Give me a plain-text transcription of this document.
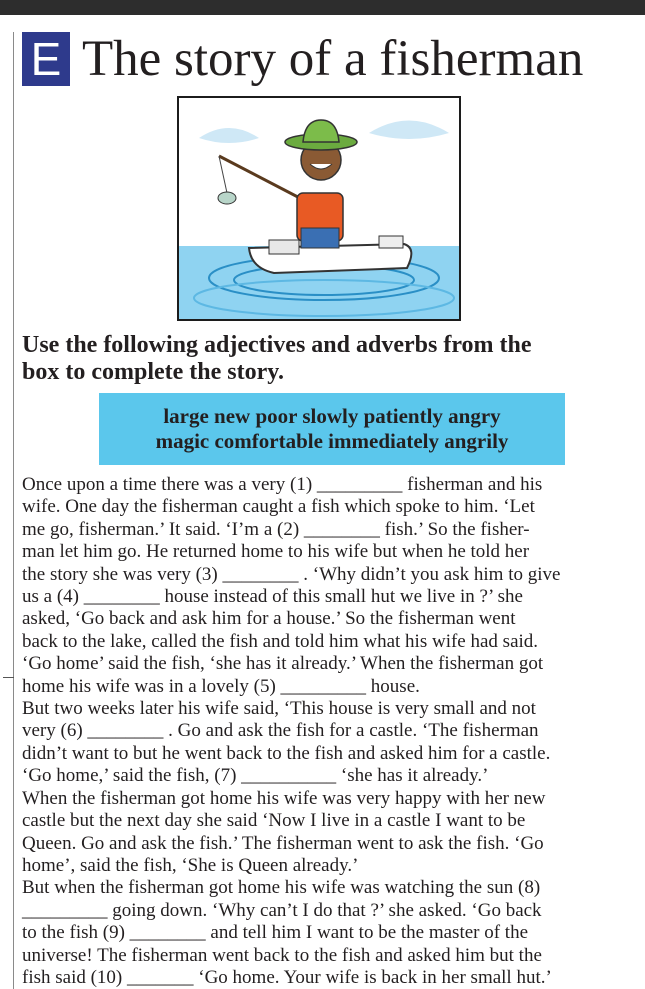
E The story of a fisherman
Use the following adjectives and adverbs from the
box to complete the story.
large new poor slowly patiently angry
magic comfortable immediately angrily
Once upon a time there was a very (1) _________ fisherman and his
wife. One day the fisherman caught a fish which spoke to him. ‘Let
me go, fisherman.’ It said. ‘I’m a (2) ________ fish.’ So the fisher-
man let him go. He returned home to his wife but when he told her
the story she was very (3) ________ . ‘Why didn’t you ask him to give
us a (4) ________ house instead of this small hut we live in ?’ she
asked, ‘Go back and ask him for a house.’ So the fisherman went
back to the lake, called the fish and told him what his wife had said.
‘Go home’ said the fish, ‘she has it already.’ When the fisherman got
home his wife was in a lovely (5) _________ house.
But two weeks later his wife said, ‘This house is very small and not
very (6) ________ . Go and ask the fish for a castle. ‘The fisherman
didn’t want to but he went back to the fish and asked him for a castle.
‘Go home,’ said the fish, (7) __________ ‘she has it already.’
When the fisherman got home his wife was very happy with her new
castle but the next day she said ‘Now I live in a castle I want to be
Queen. Go and ask the fish.’ The fisherman went to ask the fish. ‘Go
home’, said the fish, ‘She is Queen already.’
But when the fisherman got home his wife was watching the sun (8)
_________ going down. ‘Why can’t I do that ?’ she asked. ‘Go back
to the fish (9) ________ and tell him I want to be the master of the
universe! The fisherman went back to the fish and asked him but the
fish said (10) _______ ‘Go home. Your wife is back in her small hut.’
